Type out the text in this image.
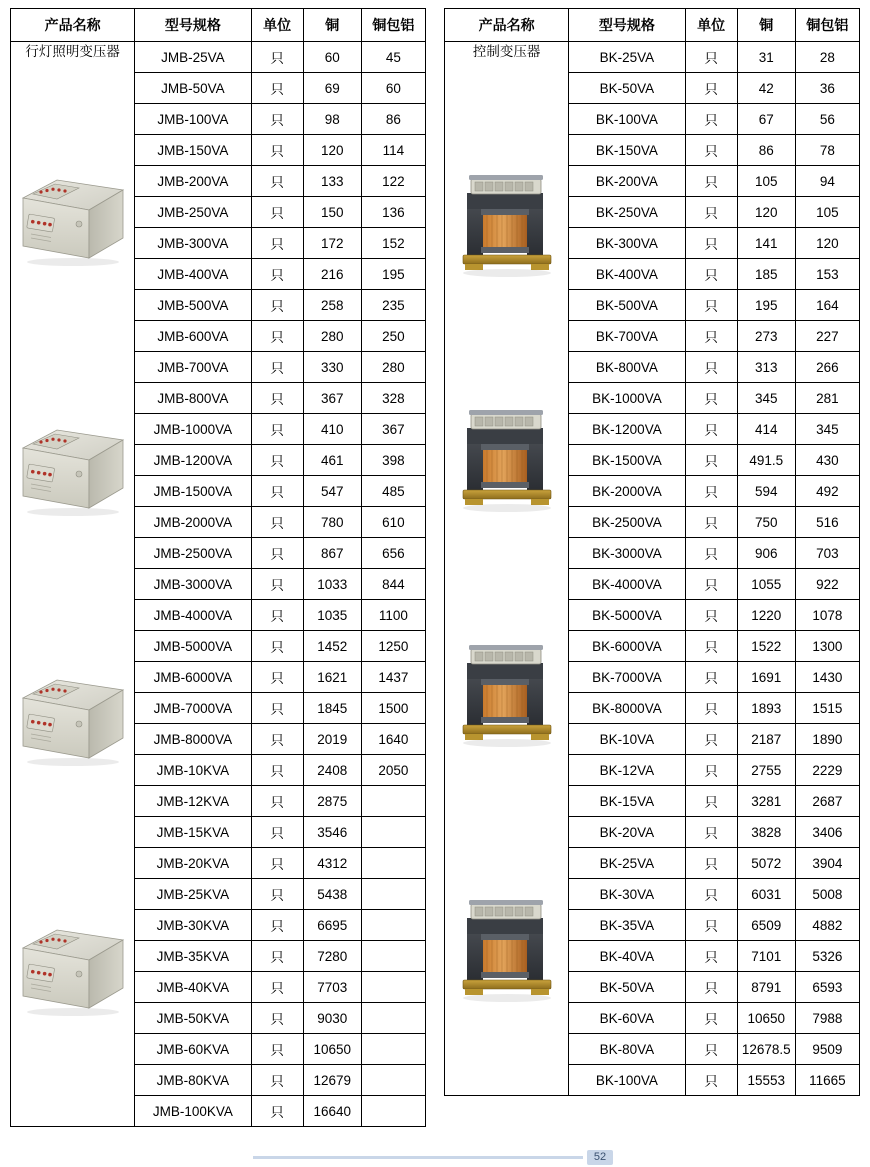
产品名称	型号规格	单位	铜	铜包铝

行灯照明变压器	JMB-25VA	只	60	45
	JMB-50VA	只	69	60
	JMB-100VA	只	98	86
	JMB-150VA	只	120	114
	JMB-200VA	只	133	122
	JMB-250VA	只	150	136
	JMB-300VA	只	172	152
	JMB-400VA	只	216	195
	JMB-500VA	只	258	235
	JMB-600VA	只	280	250
	JMB-700VA	只	330	280
	JMB-800VA	只	367	328
	JMB-1000VA	只	410	367
	JMB-1200VA	只	461	398
	JMB-1500VA	只	547	485
	JMB-2000VA	只	780	610
	JMB-2500VA	只	867	656
	JMB-3000VA	只	1033	844
	JMB-4000VA	只	1035	1100
	JMB-5000VA	只	1452	1250
	JMB-6000VA	只	1621	1437
	JMB-7000VA	只	1845	1500
	JMB-8000VA	只	2019	1640
	JMB-10KVA	只	2408	2050
	JMB-12KVA	只	2875	
	JMB-15KVA	只	3546	
	JMB-20KVA	只	4312	
	JMB-25KVA	只	5438	
	JMB-30KVA	只	6695	
	JMB-35KVA	只	7280	
	JMB-40KVA	只	7703	
	JMB-50KVA	只	9030	
	JMB-60KVA	只	10650	
	JMB-80KVA	只	12679	
	JMB-100KVA	只	16640	
产品名称	型号规格	单位	铜	铜包铝

控制变压器	BK-25VA	只	31	28
	BK-50VA	只	42	36
	BK-100VA	只	67	56
	BK-150VA	只	86	78
	BK-200VA	只	105	94
	BK-250VA	只	120	105
	BK-300VA	只	141	120
	BK-400VA	只	185	153
	BK-500VA	只	195	164
	BK-700VA	只	273	227
	BK-800VA	只	313	266
	BK-1000VA	只	345	281
	BK-1200VA	只	414	345
	BK-1500VA	只	491.5	430
	BK-2000VA	只	594	492
	BK-2500VA	只	750	516
	BK-3000VA	只	906	703
	BK-4000VA	只	1055	922
	BK-5000VA	只	1220	1078
	BK-6000VA	只	1522	1300
	BK-7000VA	只	1691	1430
	BK-8000VA	只	1893	1515
	BK-10VA	只	2187	1890
	BK-12VA	只	2755	2229
	BK-15VA	只	3281	2687
	BK-20VA	只	3828	3406
	BK-25VA	只	5072	3904
	BK-30VA	只	6031	5008
	BK-35VA	只	6509	4882
	BK-40VA	只	7101	5326
	BK-50VA	只	8791	6593
	BK-60VA	只	10650	7988
	BK-80VA	只	12678.5	9509
	BK-100VA	只	15553	11665
52
